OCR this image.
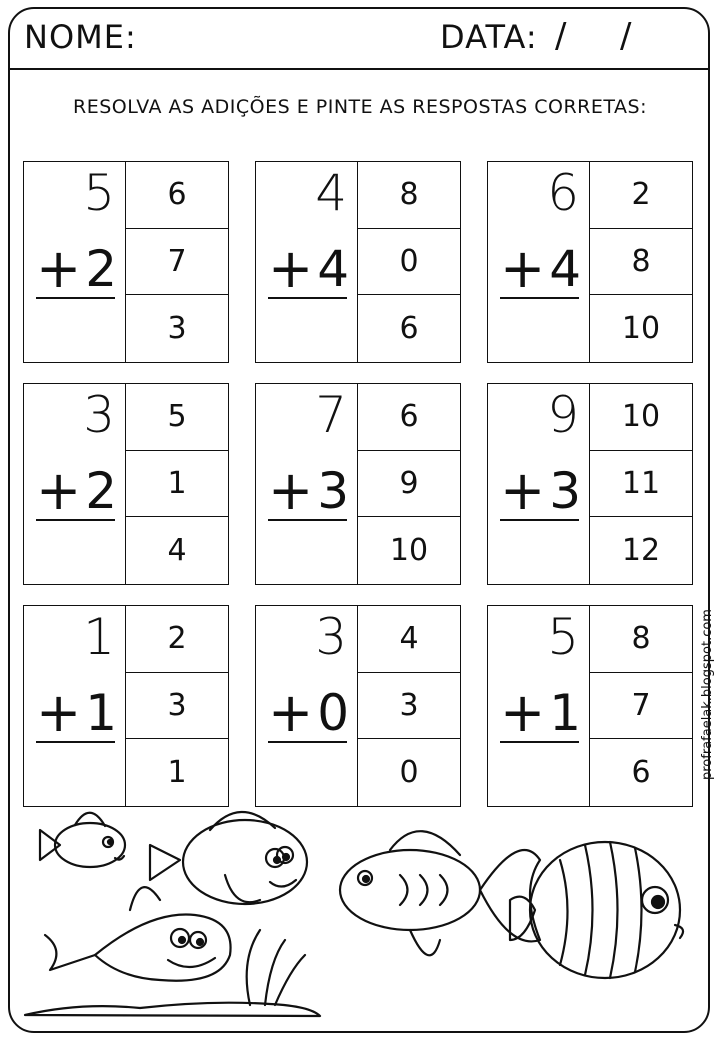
NOME:	DATA: / /
RESOLVA AS ADIÇÕES E PINTE AS RESPOSTAS CORRETAS:
5
+ 2
6
7
3
4
+ 4
8
0
6
6
+ 4
2
8
10
3
+ 2
5
1
4
7
+ 3
6
9
10
9
+ 3
10
11
12
1
+ 1
2
3
1
3
+ 0
4
3
0
5
+ 1
8
7
6	profrafaelak.blogspot.com
